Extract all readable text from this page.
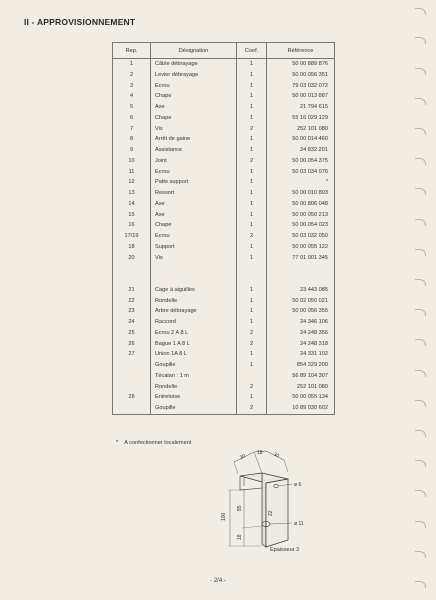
II - APPROVISIONNEMENT
Rep.	Désignation	Coef.	Référence
1	Câble débrayage	1	50 00 889 876
2	Levier débrayage	1	50 00 056 351
3	Ecrou	1	79 03 032 072
4	Chape	1	50 00 013 887
5	Axe	1	21 794 615
6	Chape	1	55 16 029 129
7	Vis	2	252 101 080
8	Arrêt de gaine	1	50 00 014 460
9	Assistance	1	24 832 201
10	Joint	2	50 00 054 375
11	Ecrou	1	50 03 034 076
12	Patte support	1	*
13	Ressort	1	50 00 010 803
14	Axe	1	50 00 806 048
15	Axe	1	50 00 050 213
16	Chape	1	50 00 054 023
17/19	Ecrou	2	50 03 032 050
18	Support	1	50 00 055 122
20	Vis	1	77 01 001 345

21	Cage à aiguilles	1	23 443 085
22	Rondelle	1	50 02 050 021
23	Arbre débrayage	1	50 00 056 355
24	Raccord	1	24 346 106
25	Ecrou 2 A 8 L	2	24 248 356
26	Bague 1 A 8 L	2	24 248 318
27	Union 1A 8 L	1	24 331 102
	Goupille	1	854 329 200
	Técalan : 1 m		56 89 104 307
	Rondelle	2	252 101 080
28	Entretoise	1	50 00 055 134
	Goupille	2	10 89 030 602
* A confectionner localement
30
18 30
ø 6
ø 11
100
85
18
22
Epaisseur 3
- 2/4 -
